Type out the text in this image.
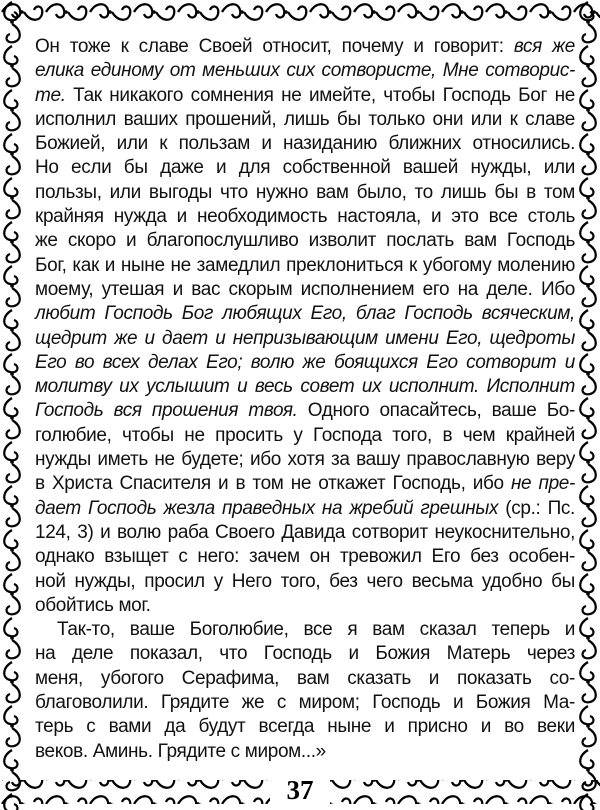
Он тоже к славе Своей относит, почему и говорит: вся же
елика единому от меньших сих сотвористе, Мне сотворис-
те. Так никакого сомнения не имейте, чтобы Господь Бог не
исполнил ваших прошений, лишь бы только они или к славе
Божией, или к пользам и назиданию ближних относились.
Но если бы даже и для собственной вашей нужды, или
пользы, или выгоды что нужно вам было, то лишь бы в том
крайняя нужда и необходимость настояла, и это все столь
же скоро и благопослушливо изволит послать вам Господь
Бог, как и ныне не замедлил преклониться к убогому молению
моему, утешая и вас скорым исполнением его на деле. Ибо
любит Господь Бог любящих Его, благ Господь всяческим,
щедрит же и дает и непризывающим имени Его, щедроты
Его во всех делах Его; волю же боящихся Его сотворит и
молитву их услышит и весь совет их исполнит. Исполнит
Господь вся прошения твоя. Одного опасайтесь, ваше Бо-
голюбие, чтобы не просить у Господа того, в чем крайней
нужды иметь не будете; ибо хотя за вашу православную веру
в Христа Спасителя и в том не откажет Господь, ибо не пре-
дает Господь жезла праведных на жребий грешных (ср.: Пс.
124, 3) и волю раба Своего Давида сотворит неукоснительно,
однако взыщет с него: зачем он тревожил Его без особен-
ной нужды, просил у Него того, без чего весьма удобно бы
обойтись мог.
Так-то, ваше Боголюбие, все я вам сказал теперь и
на деле показал, что Господь и Божия Матерь через
меня, убогого Серафима, вам сказать и показать со-
благоволили. Грядите же с миром; Господь и Божия Ма-
терь с вами да будут всегда ныне и присно и во веки
веков. Аминь. Грядите с миром...»
37
